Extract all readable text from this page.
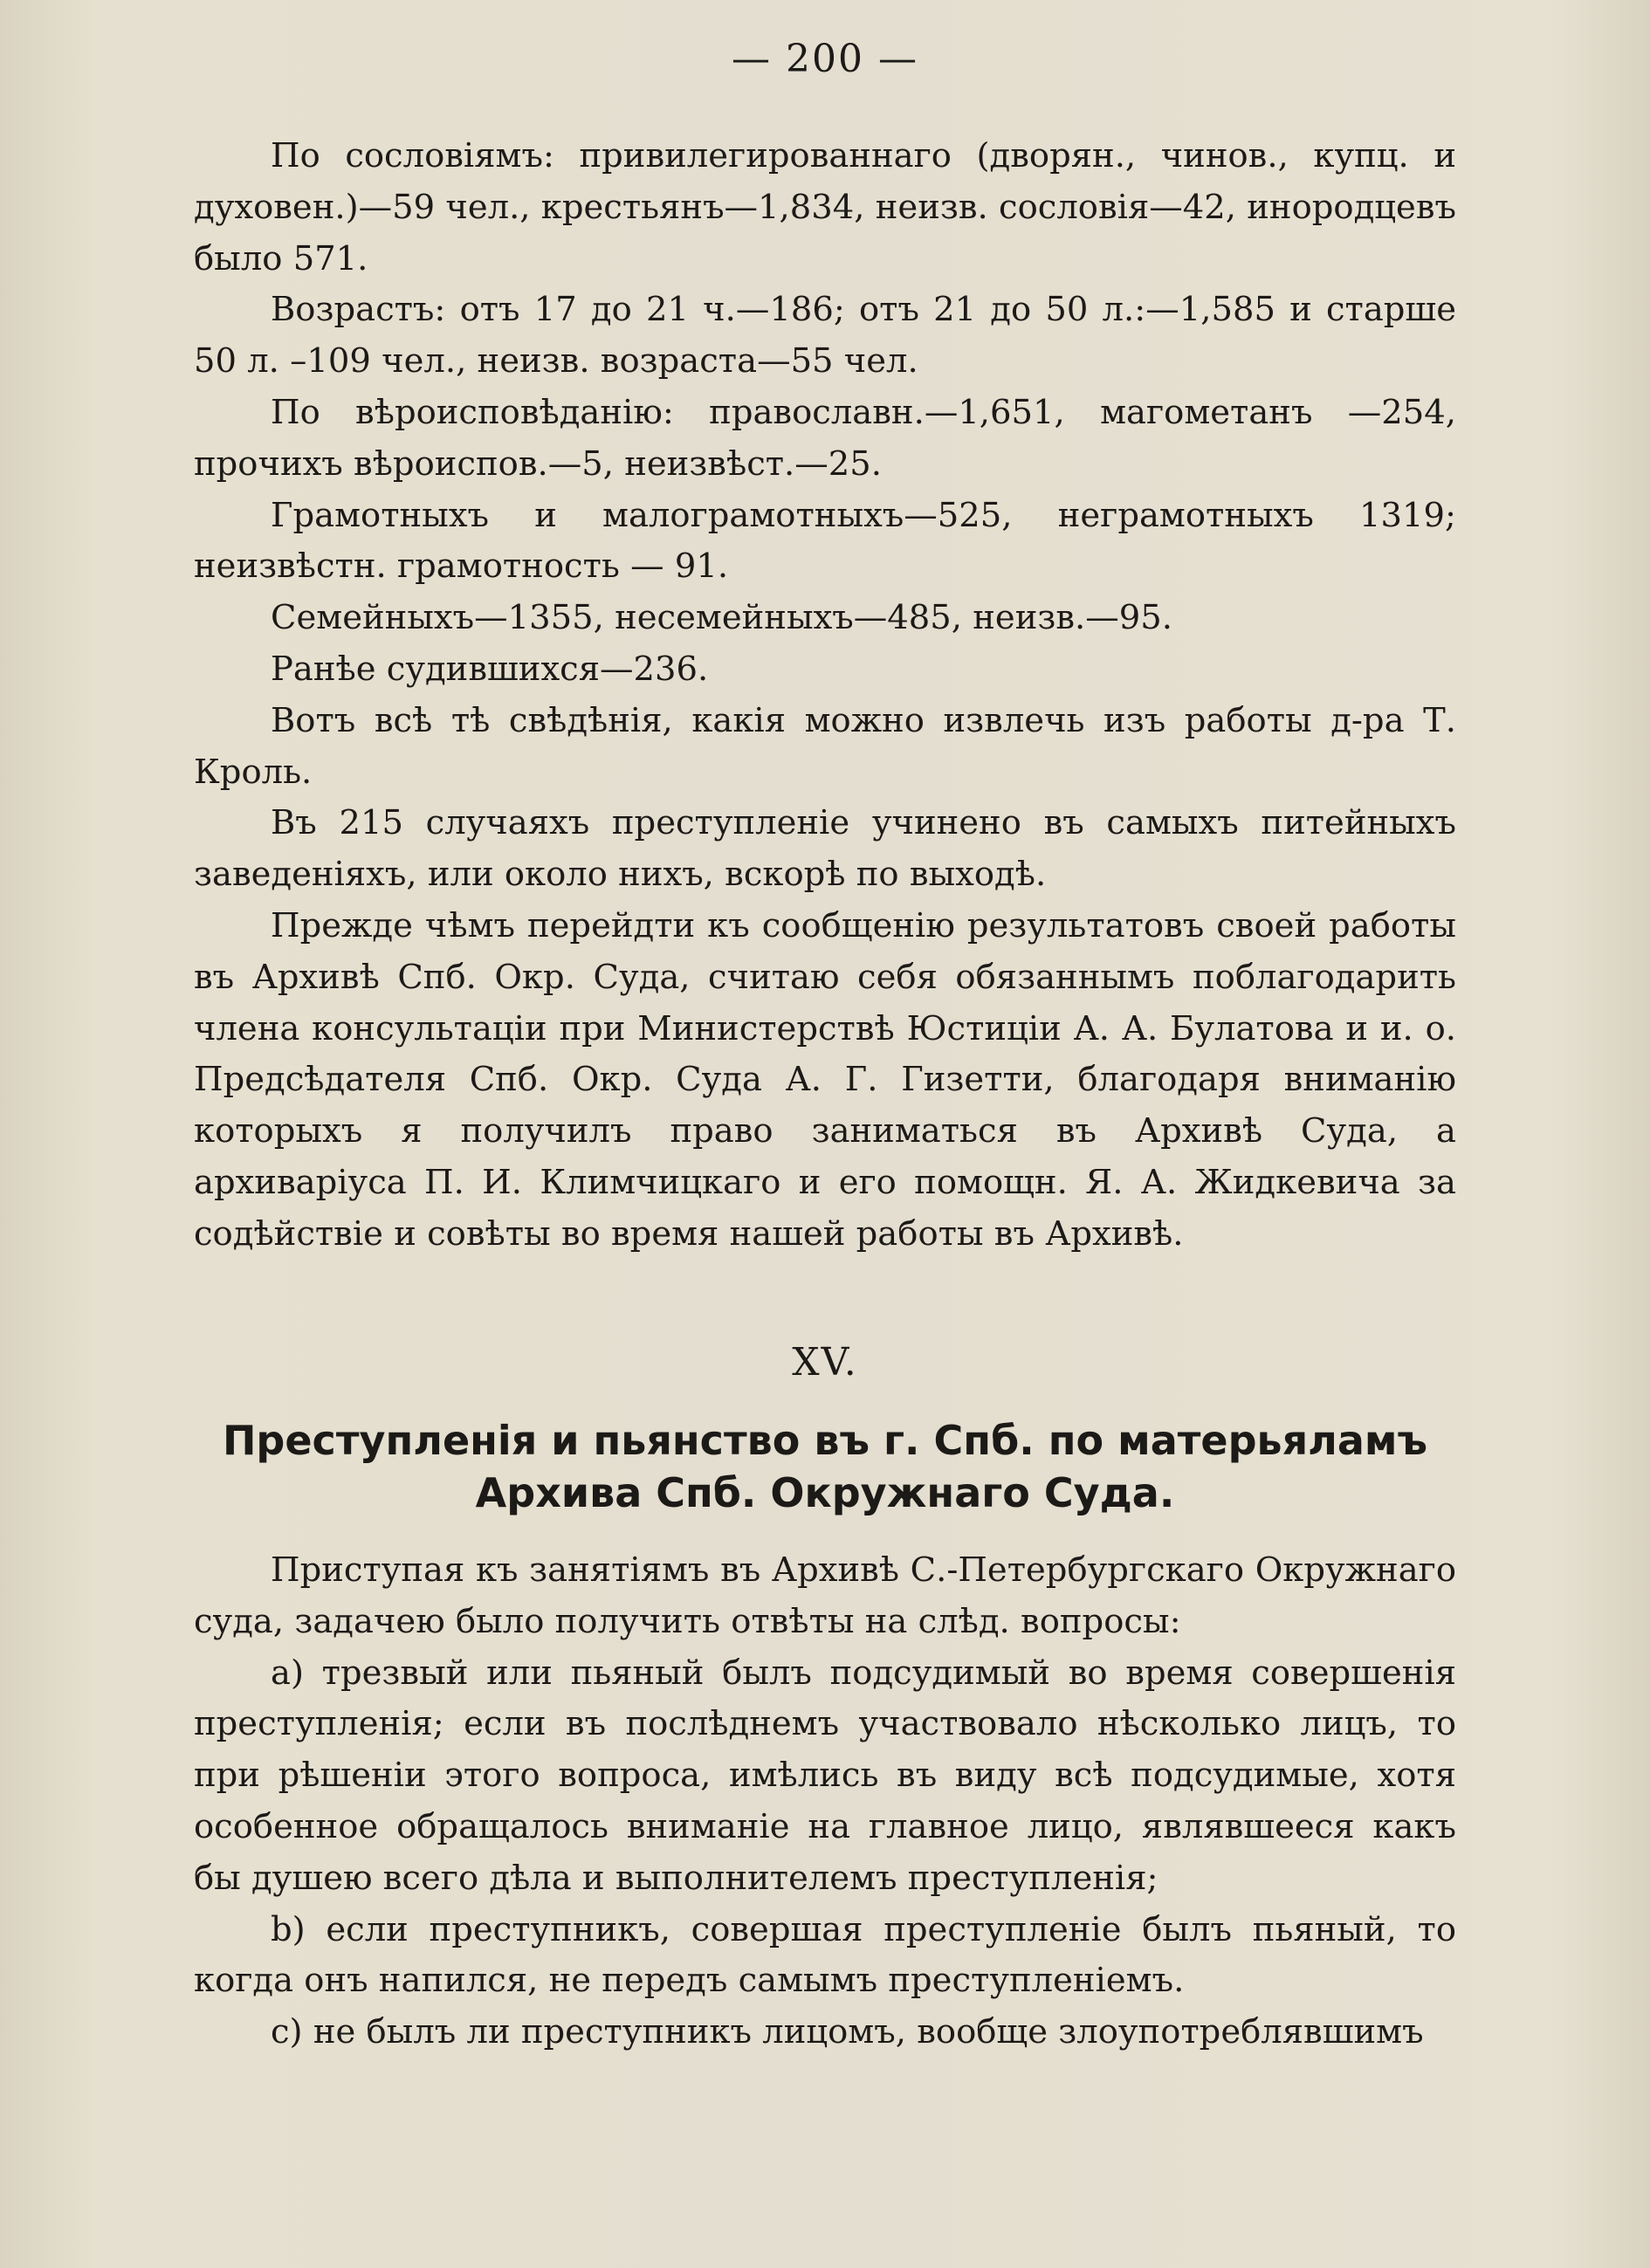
— 200 —

По сословіямъ: привилегированнаго (дворян., чинов., купц. и духовен.)—59 чел., крестьянъ—1,834, неизв. сословія—42, инородцевъ было 571.

Возрастъ: отъ 17 до 21 ч.—186; отъ 21 до 50 л.:—1,585 и старше 50 л. –109 чел., неизв. возраста—55 чел.

По вѣроисповѣданію: православн.—1,651, магометанъ —254, прочихъ вѣроиспов.—5, неизвѣст.—25.

Грамотныхъ и малограмотныхъ—525, неграмотныхъ 1319; неизвѣстн. грамотность — 91.

Семейныхъ—1355, несемейныхъ—485, неизв.—95.

Ранѣе судившихся—236.

Вотъ всѣ тѣ свѣдѣнія, какія можно извлечь изъ работы д-ра Т. Кроль.

Въ 215 случаяхъ преступленіе учинено въ самыхъ питейныхъ заведеніяхъ, или около нихъ, вскорѣ по выходѣ.

Прежде чѣмъ перейдти къ сообщенію результатовъ своей работы въ Архивѣ Спб. Окр. Суда, считаю себя обязаннымъ поблагодарить члена консультаціи при Министерствѣ Юстиціи А. А. Булатова и и. о. Предсѣдателя Спб. Окр. Суда А. Г. Гизетти, благодаря вниманію которыхъ я получилъ право заниматься въ Архивѣ Суда, а архиваріуса П. И. Климчицкаго и его помощн. Я. А. Жидкевича за содѣйствіе и совѣты во время нашей работы въ Архивѣ.

XV.
Преступленія и пьянство въ г. Спб. по матерьяламъ
Архива Спб. Окружнаго Суда.

Приступая къ занятіямъ въ Архивѣ С.-Петербургскаго Окружнаго суда, задачею было получить отвѣты на слѣд. вопросы:

a) трезвый или пьяный былъ подсудимый во время совершенія преступленія; если въ послѣднемъ участвовало нѣсколько лицъ, то при рѣшеніи этого вопроса, имѣлись въ виду всѣ подсудимые, хотя особенное обращалось вниманіе на главное лицо, являвшееся какъ бы душею всего дѣла и выполнителемъ преступленія;

b) если преступникъ, совершая преступленіе былъ пьяный, то когда онъ напился, не передъ самымъ преступленіемъ.

c) не былъ ли преступникъ лицомъ, вообще злоупотреблявшимъ
